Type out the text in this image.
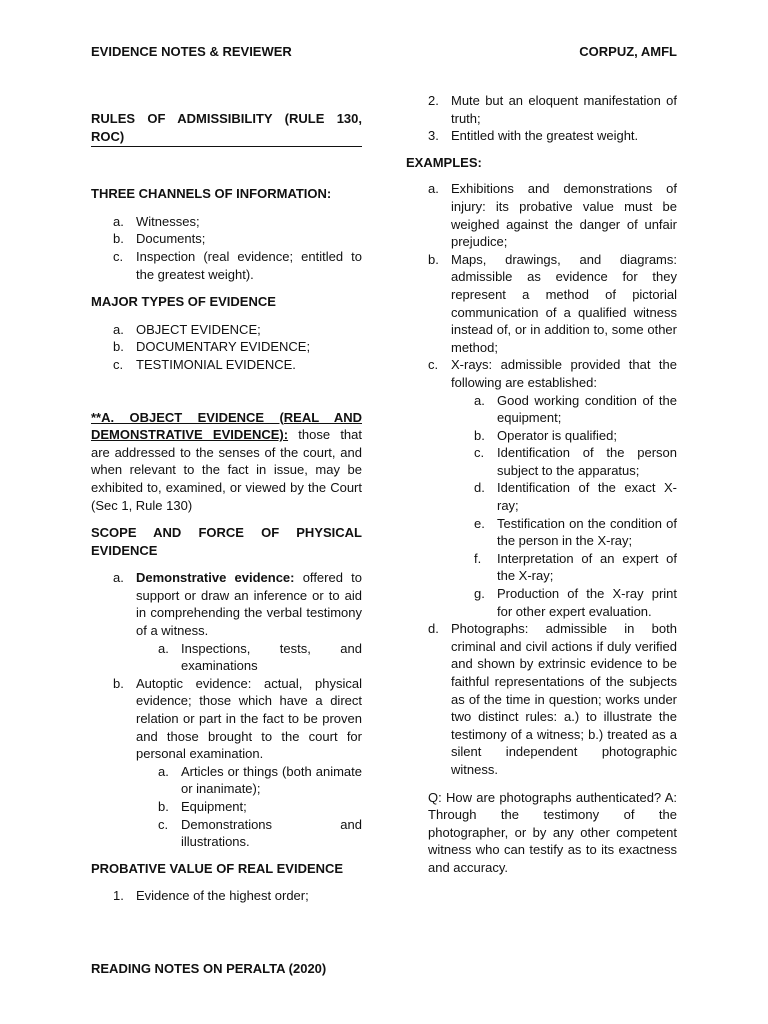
EVIDENCE NOTES & REVIEWER	CORPUZ, AMFL
RULES OF ADMISSIBILITY (RULE 130, ROC)
THREE CHANNELS OF INFORMATION:
a. Witnesses;
b. Documents;
c. Inspection (real evidence; entitled to the greatest weight).
MAJOR TYPES OF EVIDENCE
a. OBJECT EVIDENCE;
b. DOCUMENTARY EVIDENCE;
c. TESTIMONIAL EVIDENCE.
**A. OBJECT EVIDENCE (REAL AND DEMONSTRATIVE EVIDENCE): those that are addressed to the senses of the court, and when relevant to the fact in issue, may be exhibited to, examined, or viewed by the Court (Sec 1, Rule 130)
SCOPE AND FORCE OF PHYSICAL EVIDENCE
a. Demonstrative evidence: offered to support or draw an inference or to aid in comprehending the verbal testimony of a witness.
a. Inspections, tests, and examinations
b. Autoptic evidence: actual, physical evidence; those which have a direct relation or part in the fact to be proven and those brought to the court for personal examination.
a. Articles or things (both animate or inanimate);
b. Equipment;
c. Demonstrations and illustrations.
PROBATIVE VALUE OF REAL EVIDENCE
1. Evidence of the highest order;
2. Mute but an eloquent manifestation of truth;
3. Entitled with the greatest weight.
EXAMPLES:
a. Exhibitions and demonstrations of injury: its probative value must be weighed against the danger of unfair prejudice;
b. Maps, drawings, and diagrams: admissible as evidence for they represent a method of pictorial communication of a qualified witness instead of, or in addition to, some other method;
c. X-rays: admissible provided that the following are established:
a. Good working condition of the equipment;
b. Operator is qualified;
c. Identification of the person subject to the apparatus;
d. Identification of the exact X-ray;
e. Testification on the condition of the person in the X-ray;
f.	Interpretation of an expert of the X-ray;
g. Production of the X-ray print for other expert evaluation.
d. Photographs: admissible in both criminal and civil actions if duly verified and shown by extrinsic evidence to be faithful representations of the subjects as of the time in question; works under two distinct rules: a.) to illustrate the testimony of a witness; b.) treated as a silent independent photographic witness.
Q: How are photographs authenticated? A: Through the testimony of the photographer, or by any other competent witness who can testify as to its exactness and accuracy.
READING NOTES ON PERALTA (2020)
